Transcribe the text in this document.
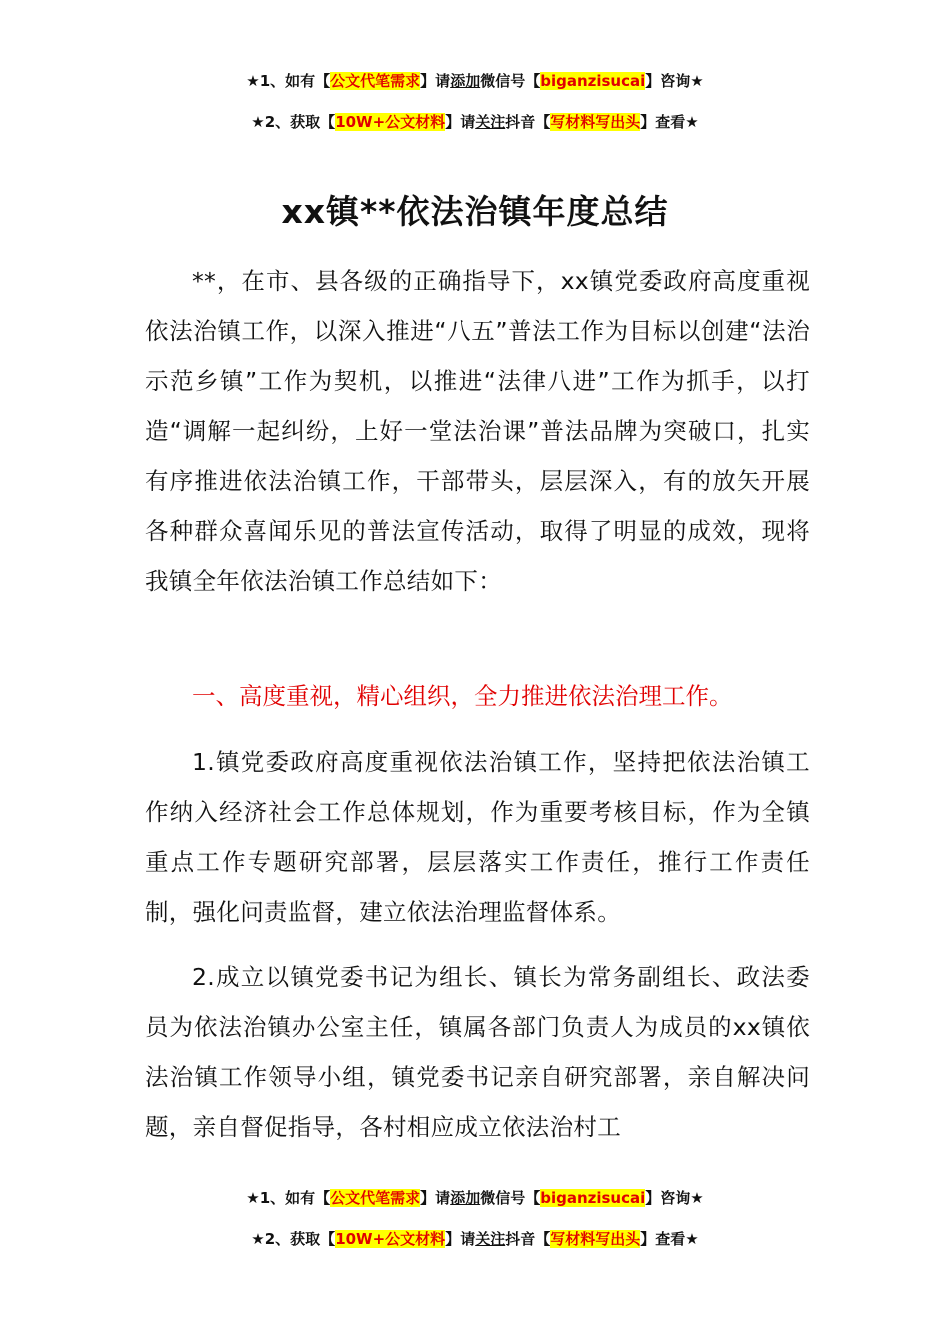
★1、如有【公文代笔需求】请添加微信号【biganzisucai】咨询★
★2、获取【10W+公文材料】请关注抖音【写材料写出头】查看★
xx镇**依法治镇年度总结
**，在市、县各级的正确指导下，xx镇党委政府高度重视依法治镇工作，以深入推进“八五”普法工作为目标以创建“法治示范乡镇”工作为契机，以推进“法律八进”工作为抓手，以打造“调解一起纠纷，上好一堂法治课”普法品牌为突破口，扎实有序推进依法治镇工作，干部带头，层层深入，有的放矢开展各种群众喜闻乐见的普法宣传活动，取得了明显的成效，现将我镇全年依法治镇工作总结如下：
一、高度重视，精心组织，全力推进依法治理工作。
1.镇党委政府高度重视依法治镇工作，坚持把依法治镇工作纳入经济社会工作总体规划，作为重要考核目标，作为全镇重点工作专题研究部署，层层落实工作责任，推行工作责任制，强化问责监督，建立依法治理监督体系。
2.成立以镇党委书记为组长、镇长为常务副组长、政法委员为依法治镇办公室主任，镇属各部门负责人为成员的xx镇依法治镇工作领导小组，镇党委书记亲自研究部署，亲自解决问题，亲自督促指导，各村相应成立依法治村工
★1、如有【公文代笔需求】请添加微信号【biganzisucai】咨询★
★2、获取【10W+公文材料】请关注抖音【写材料写出头】查看★
